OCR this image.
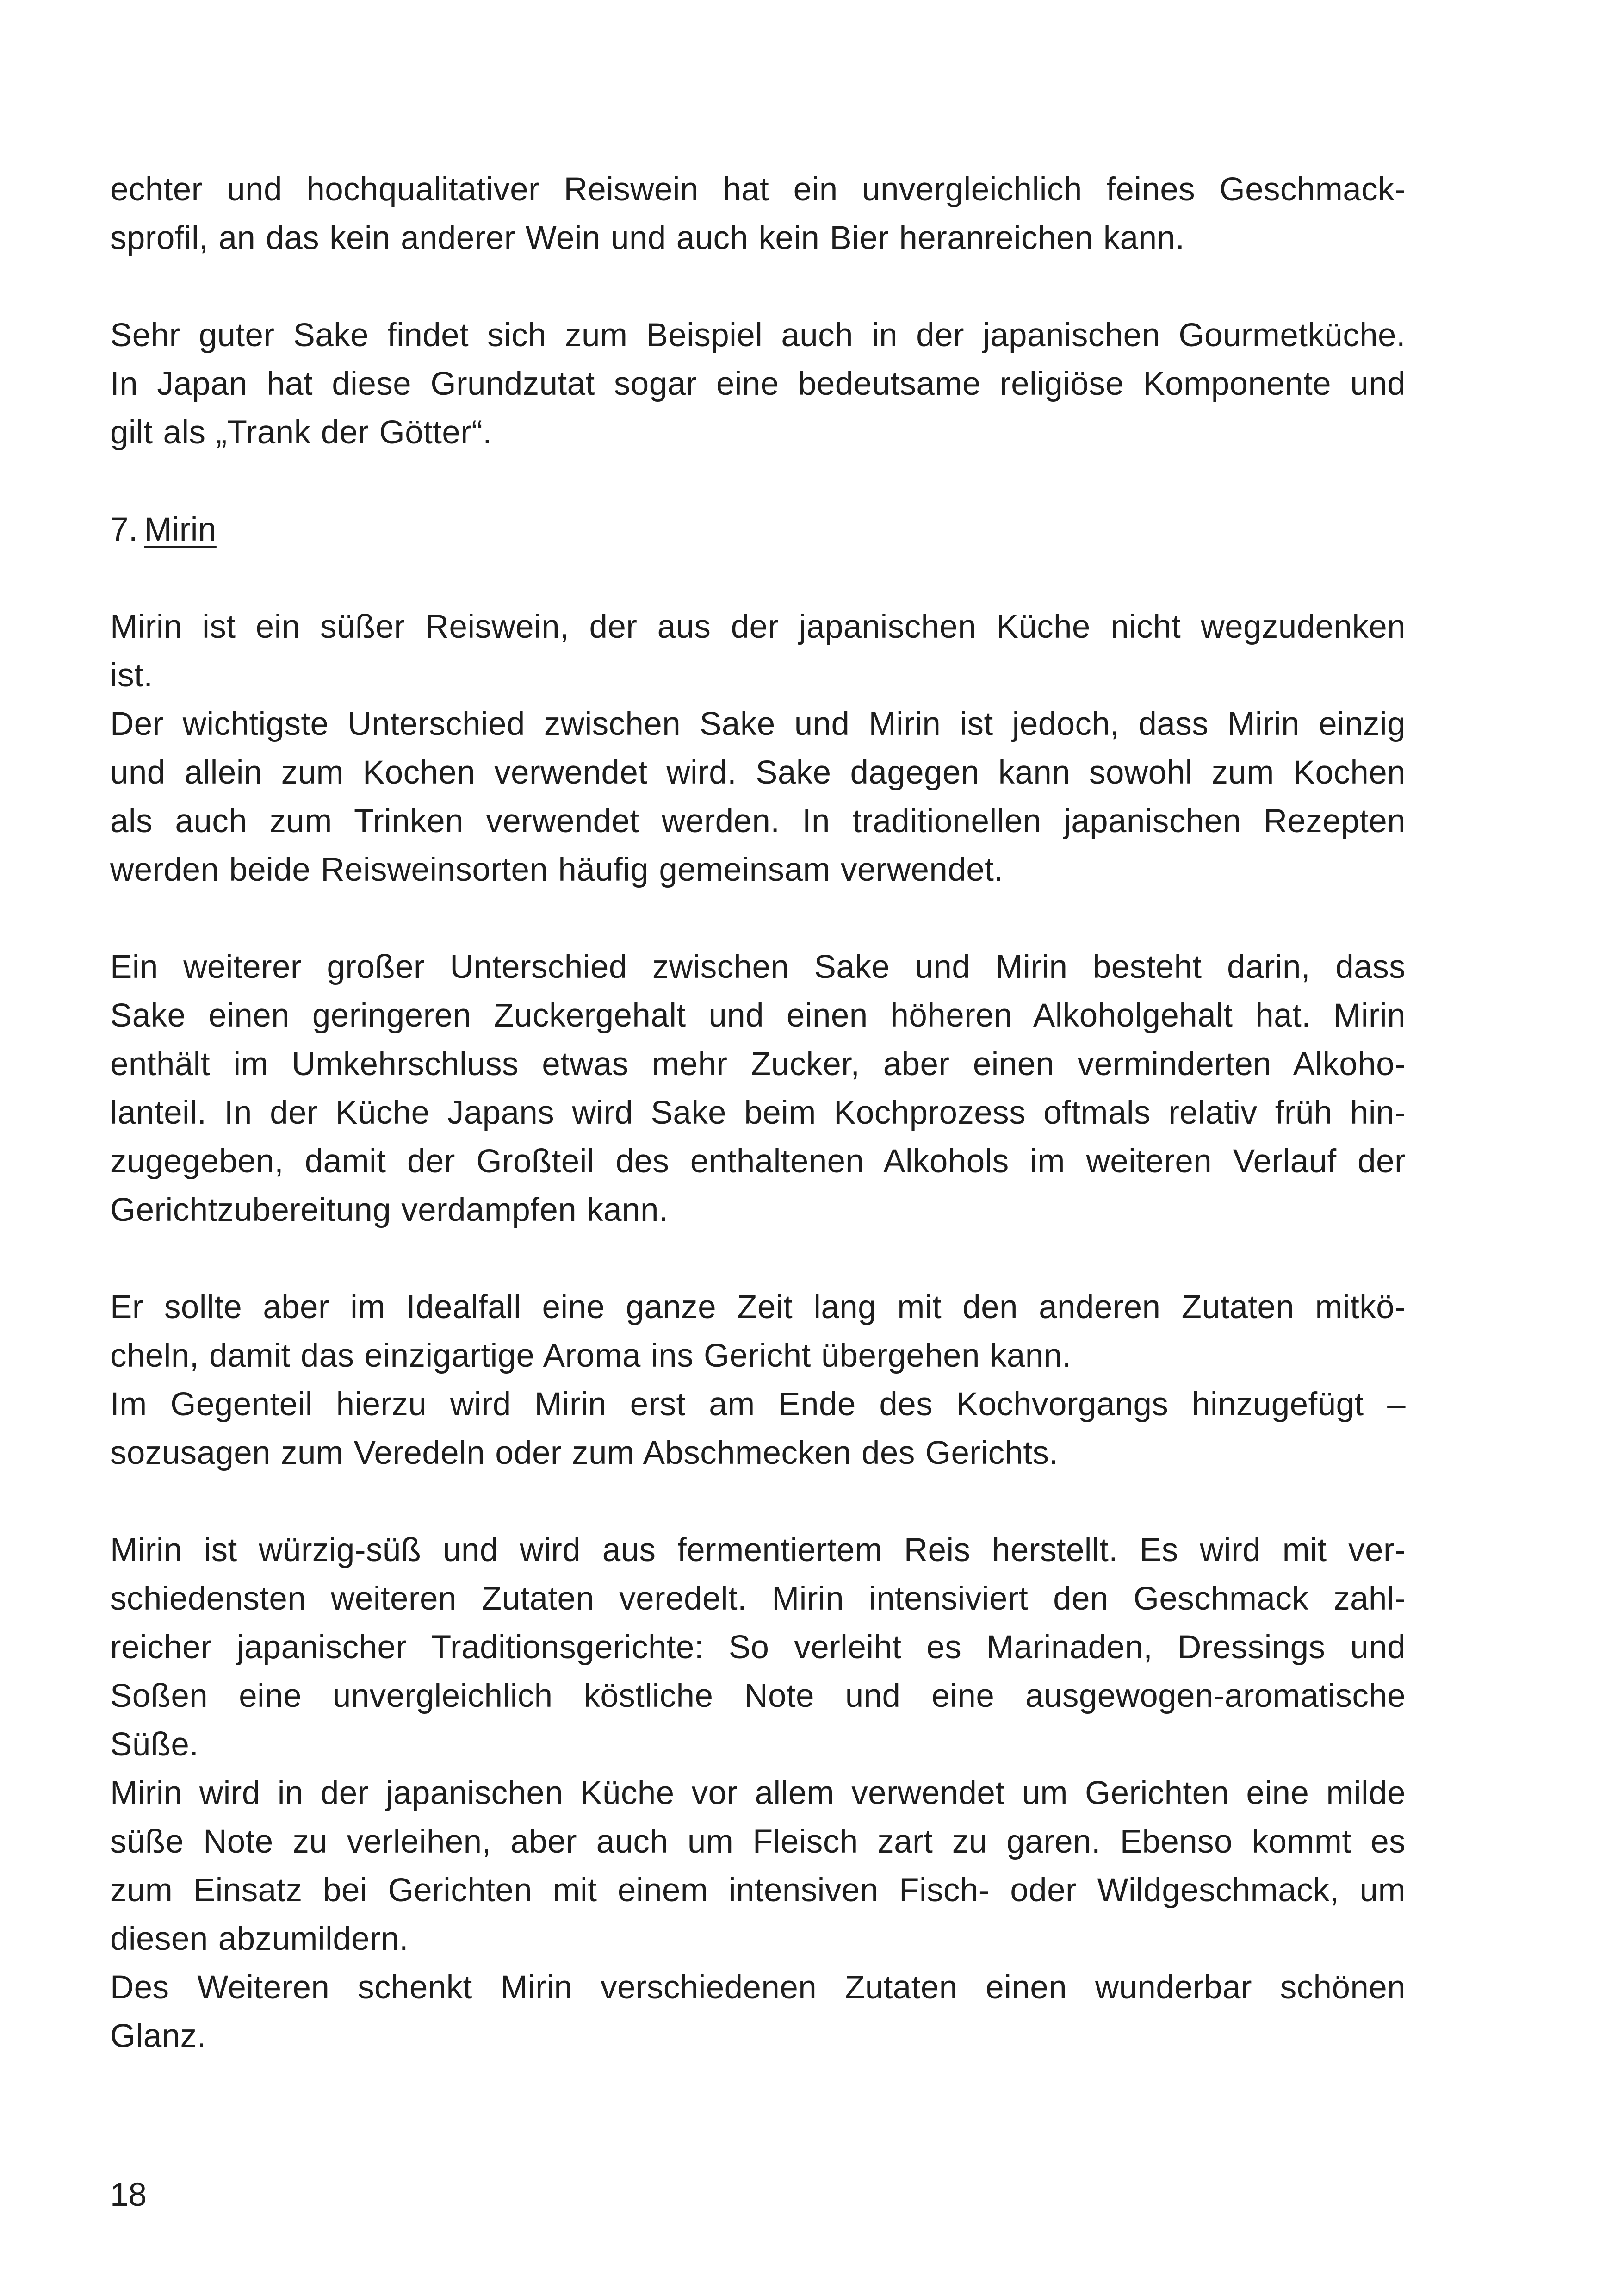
echter und hochqualitativer Reiswein hat ein unvergleichlich feines Geschmack-
sprofil, an das kein anderer Wein und auch kein Bier heranreichen kann.

Sehr guter Sake findet sich zum Beispiel auch in der japanischen Gourmetküche.
In Japan hat diese Grundzutat sogar eine bedeutsame religiöse Komponente und
gilt als „Trank der Götter“.

7. Mirin

Mirin ist ein süßer Reiswein, der aus der japanischen Küche nicht wegzudenken
ist.
Der wichtigste Unterschied zwischen Sake und Mirin ist jedoch, dass Mirin einzig
und allein zum Kochen verwendet wird. Sake dagegen kann sowohl zum Kochen
als auch zum Trinken verwendet werden. In traditionellen japanischen Rezepten
werden beide Reisweinsorten häufig gemeinsam verwendet.

Ein weiterer großer Unterschied zwischen Sake und Mirin besteht darin, dass
Sake einen geringeren Zuckergehalt und einen höheren Alkoholgehalt hat. Mirin
enthält im Umkehrschluss etwas mehr Zucker, aber einen verminderten Alkoho-
lanteil. In der Küche Japans wird Sake beim Kochprozess oftmals relativ früh hin-
zugegeben, damit der Großteil des enthaltenen Alkohols im weiteren Verlauf der
Gerichtzubereitung verdampfen kann.

Er sollte aber im Idealfall eine ganze Zeit lang mit den anderen Zutaten mitkö-
cheln, damit das einzigartige Aroma ins Gericht übergehen kann.
Im Gegenteil hierzu wird Mirin erst am Ende des Kochvorgangs hinzugefügt –
sozusagen zum Veredeln oder zum Abschmecken des Gerichts.

Mirin ist würzig-süß und wird aus fermentiertem Reis herstellt. Es wird mit ver-
schiedensten weiteren Zutaten veredelt. Mirin intensiviert den Geschmack zahl-
reicher japanischer Traditionsgerichte: So verleiht es Marinaden, Dressings und
Soßen eine unvergleichlich köstliche Note und eine ausgewogen-aromatische
Süße.
Mirin wird in der japanischen Küche vor allem verwendet um Gerichten eine milde
süße Note zu verleihen, aber auch um Fleisch zart zu garen. Ebenso kommt es
zum Einsatz bei Gerichten mit einem intensiven Fisch- oder Wildgeschmack, um
diesen abzumildern.
Des Weiteren schenkt Mirin verschiedenen Zutaten einen wunderbar schönen
Glanz.

18
